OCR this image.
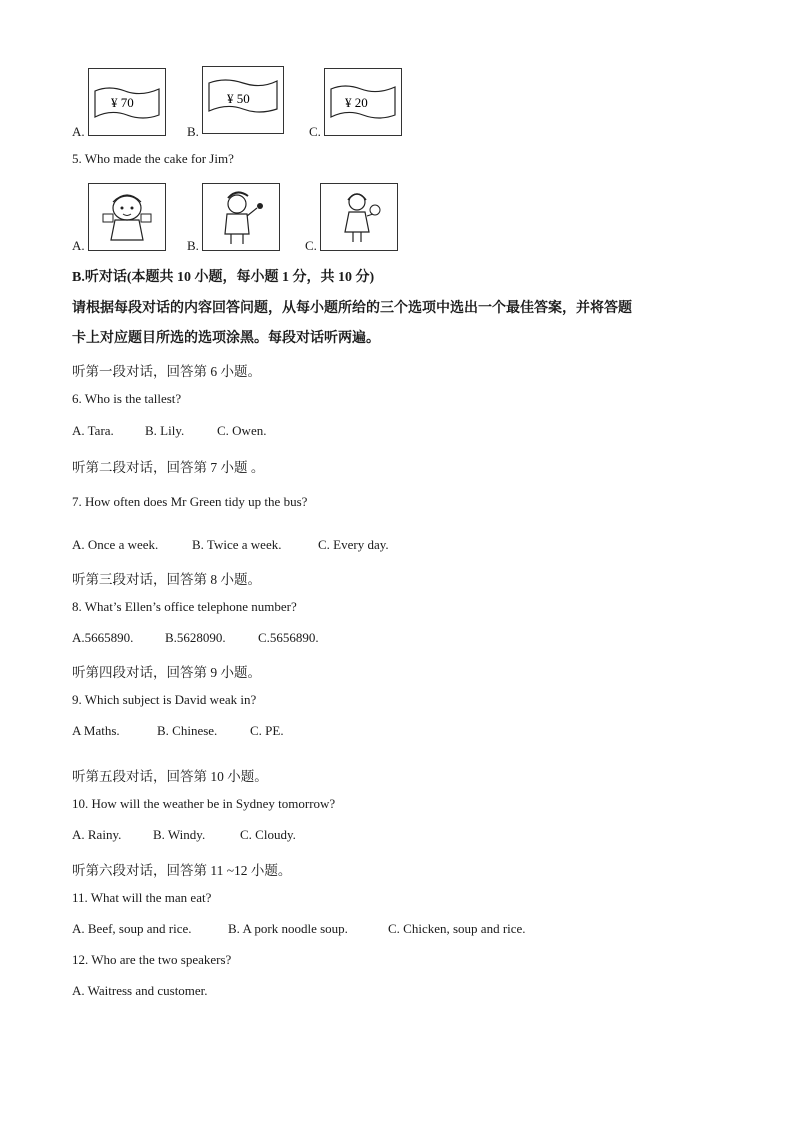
A.
¥ 70
B.
¥ 50
C.
¥ 20
5. Who made the cake for Jim?
A.	B.	C.
B.听对话(本题共 10 小题，每小题 1 分，共 10 分)
请根据每段对话的内容回答问题，从每小题所给的三个选项中选出一个最佳答案，并将答题
卡上对应题目所选的选项涂黑。每段对话听两遍。
听第一段对话，回答第 6 小题。
6. Who is the tallest?
A. Tara. B. Lily.	C. Owen.
听第二段对话，回答第 7 小题 。
7. How often does Mr Green tidy up the bus?
A. Once a week.	B. Twice a week.	C. Every day.
听第三段对话，回答第 8 小题。
8. What’s Ellen’s office telephone number?
A.5665890. B.5628090. C.5656890.
听第四段对话，回答第 9 小题。
9. Which subject is David weak in?
A Maths.	B. Chinese.	C. PE.
听第五段对话，回答第 10 小题。
10. How will the weather be in Sydney tomorrow?
A. Rainy. B. Windy.	C. Cloudy.
听第六段对话，回答第 11 ~12 小题。
11. What will the man eat?
A. Beef, soup and rice.	B. A pork noodle soup.	C. Chicken, soup and rice.
12. Who are the two speakers?
A. Waitress and customer.
